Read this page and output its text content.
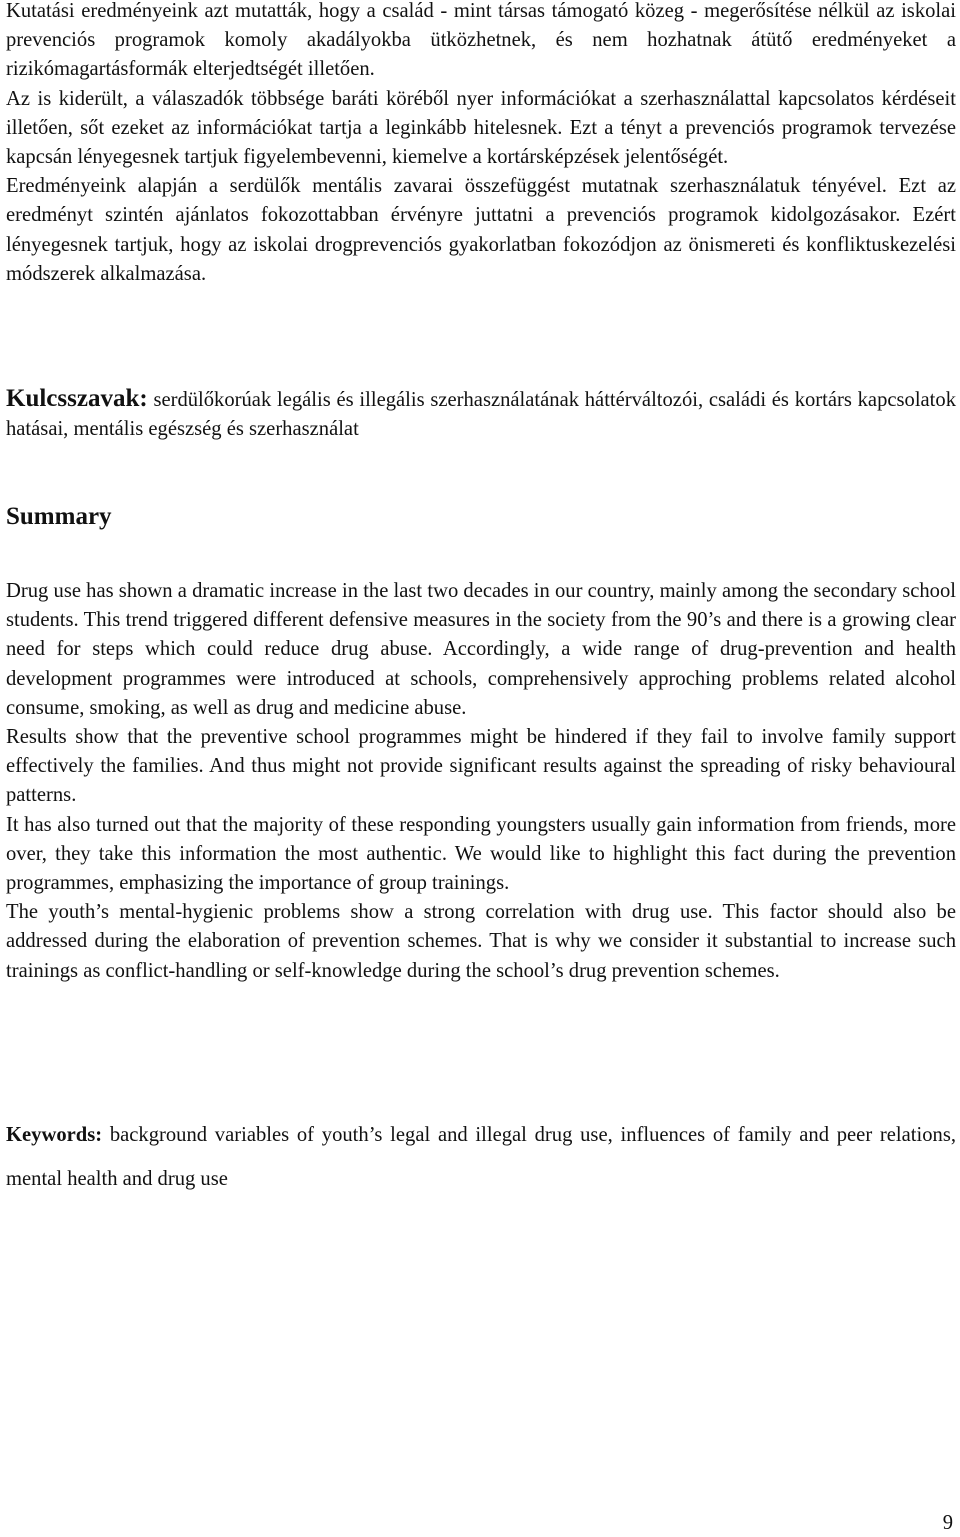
Kutatási eredményeink azt mutatták, hogy a család - mint társas támogató közeg - megerősítése nélkül az iskolai prevenciós programok komoly akadályokba ütközhetnek, és nem hozhatnak átütő eredményeket a rizikómagartásformák elterjedtségét illetően.

Az is kiderült, a válaszadók többsége baráti köréből nyer információkat a szerhasználattal kapcsolatos kérdéseit illetően, sőt ezeket az információkat tartja a leginkább hitelesnek. Ezt a tényt a prevenciós programok tervezése kapcsán lényegesnek tartjuk figyelembevenni, kiemelve a kortársképzések jelentőségét.

Eredményeink alapján a serdülők mentális zavarai összefüggést mutatnak szerhasználatuk tényével. Ezt az eredményt szintén ajánlatos fokozottabban érvényre juttatni a prevenciós programok kidolgozásakor. Ezért lényegesnek tartjuk, hogy az iskolai drogprevenciós gyakorlatban fokozódjon az önismereti és konfliktuskezelési módszerek alkalmazása.

Kulcsszavak: serdülőkorúak legális és illegális szerhasználatának háttérváltozói, családi és kortárs kapcsolatok hatásai, mentális egészség és szerhasználat

Summary

Drug use has shown a dramatic increase in the last two decades in our country, mainly among the secondary school students. This trend triggered different defensive measures in the society from the 90’s and there is a growing clear need for steps which could reduce drug abuse. Accordingly, a wide range of drug-prevention and health development programmes were introduced at schools, comprehensively approching problems related alcohol consume, smoking, as well as drug and medicine abuse.

Results show that the preventive school programmes might be hindered if they fail to involve family support effectively the families. And thus might not provide significant results against the spreading of risky behavioural patterns.

It has also turned out that the majority of these responding youngsters usually gain information from friends, more over, they take this information the most authentic. We would like to highlight this fact during the prevention programmes, emphasizing the importance of group trainings.

The youth’s mental-hygienic problems show a strong correlation with drug use. This factor should also be addressed during the elaboration of prevention schemes. That is why we consider it substantial to increase such trainings as conflict-handling or self-knowledge during the school’s drug prevention schemes.

Keywords: background variables of youth’s legal and illegal drug use, influences of family and peer relations, mental health and drug use

9
